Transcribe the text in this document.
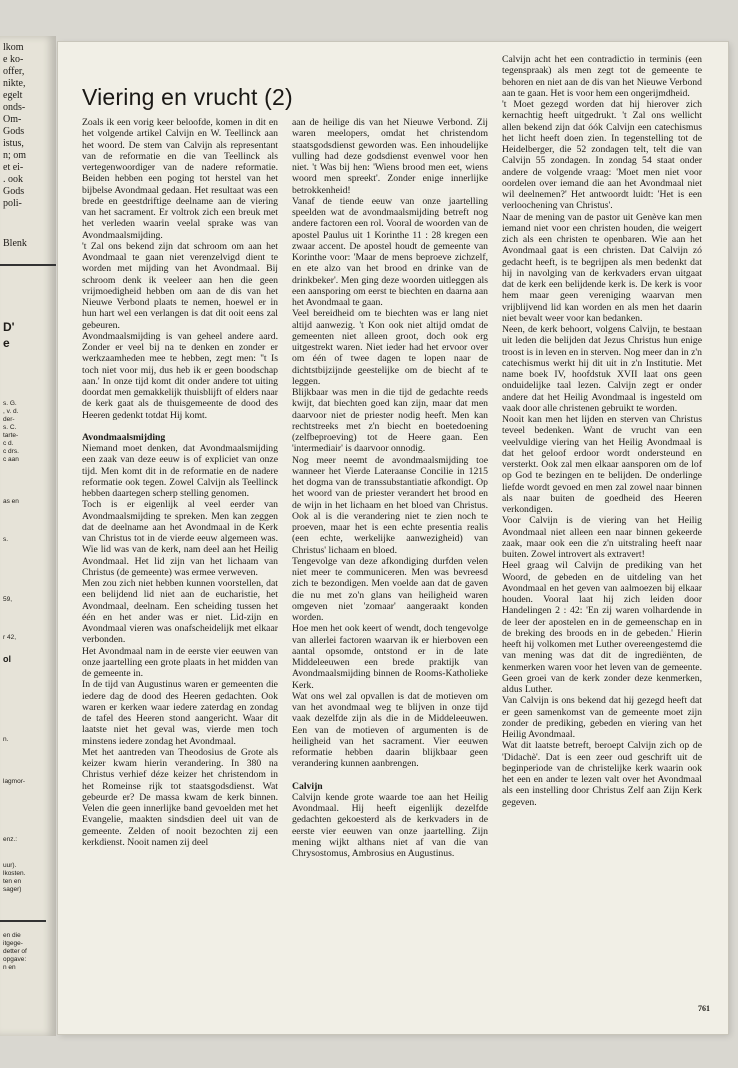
lkom
e ko-
offer,
nikte,
egelt
onds-
Om-
Gods
istus,
n; om
et ei-
. ook
Gods
poli-
Blenk
D'
e
s. G.
, v. d.
der-
s. C.
tarte-
c d.
c drs.
c aan
as en
s.
59,
r 42,
ol
n.
lagmor-
enz.:
uur).
lkosten.
ten en
sager)
en die
itgege-
detter of
opgave:
n en
Viering en vrucht (2)

Zoals ik een vorig keer beloofde, komen in dit en het volgende artikel Calvijn en W. Teellinck aan het woord. De stem van Calvijn als representant van de reformatie en die van Teellinck als vertegenwoordiger van de nadere reformatie. Beiden hebben een poging tot herstel van het bijbelse Avondmaal gedaan. Het resultaat was een brede en geestdriftige deelname aan de viering van het sacrament. Er voltrok zich een breuk met het verleden waarin veelal sprake was van Avondmaalsmijding.

't Zal ons bekend zijn dat schroom om aan het Avondmaal te gaan niet verenzelvigd dient te worden met mijding van het Avondmaal. Bij schroom denk ik veeleer aan hen die geen vrijmoedigheid hebben om aan de dis van het Nieuwe Verbond plaats te nemen, hoewel er in hun hart wel een verlangen is dat dit ooit eens zal gebeuren.

Avondmaalsmijding is van geheel andere aard. Zonder er veel bij na te denken en zonder er werkzaamheden mee te hebben, zegt men: ''t Is toch niet voor mij, dus heb ik er geen boodschap aan.' In onze tijd komt dit onder andere tot uiting doordat men gemakkelijk thuisblijft of elders naar de kerk gaat als de thuisgemeente de dood des Heeren gedenkt totdat Hij komt.

Avondmaalsmijding

Niemand moet denken, dat Avondmaalsmijding een zaak van deze eeuw is of expliciet van onze tijd. Men komt dit in de reformatie en de nadere reformatie ook tegen. Zowel Calvijn als Teellinck hebben daartegen scherp stelling genomen.

Toch is er eigenlijk al veel eerder van Avondmaalsmijding te spreken. Men kan zeggen dat de deelname aan het Avondmaal in de Kerk van Christus tot in de vierde eeuw algemeen was. Wie lid was van de kerk, nam deel aan het Heilig Avondmaal. Het lid zijn van het lichaam van Christus (de gemeente) was ermee verweven.

Men zou zich niet hebben kunnen voorstellen, dat een belijdend lid niet aan de eucharistie, het Avondmaal, deelnam. Een scheiding tussen het één en het ander was er niet. Lid-zijn en Avondmaal vieren was onafscheidelijk met elkaar verbonden.

Het Avondmaal nam in de eerste vier eeuwen van onze jaartelling een grote plaats in het midden van de gemeente in.

In de tijd van Augustinus waren er gemeenten die iedere dag de dood des Heeren gedachten. Ook waren er kerken waar iedere zaterdag en zondag de tafel des Heeren stond aangericht. Waar dit laatste niet het geval was, vierde men toch minstens iedere zondag het Avondmaal.

Met het aantreden van Theodosius de Grote als keizer kwam hierin verandering. In 380 na Christus verhief déze keizer het christendom in het Romeinse rijk tot staatsgodsdienst. Wat gebeurde er? De massa kwam de kerk binnen. Velen die geen innerlijke band gevoelden met het Evangelie, maakten sindsdien deel uit van de gemeente. Zelden of nooit bezochten zij een kerkdienst. Nooit namen zij deel

aan de heilige dis van het Nieuwe Verbond. Zij waren meelopers, omdat het christendom staatsgodsdienst geworden was. Een inhoudelijke vulling had deze godsdienst evenwel voor hen niet. 't Was bij hen: 'Wiens brood men eet, wiens woord men spreekt'. Zonder enige innerlijke betrokkenheid!

Vanaf de tiende eeuw van onze jaartelling speelden wat de avondmaalsmijding betreft nog andere factoren een rol. Vooral de woorden van de apostel Paulus uit 1 Korinthe 11 : 28 kregen een zwaar accent. De apostel houdt de gemeente van Korinthe voor: 'Maar de mens beproeve zichzelf, en ete alzo van het brood en drinke van de drinkbeker'. Men ging deze woorden uitleggen als een aansporing om eerst te biechten en daarna aan het Avondmaal te gaan.

Veel bereidheid om te biechten was er lang niet altijd aanwezig. 't Kon ook niet altijd omdat de gemeenten niet alleen groot, doch ook erg uitgestrekt waren. Niet ieder had het ervoor over om één of twee dagen te lopen naar de dichtstbijzijnde geestelijke om de biecht af te leggen.

Blijkbaar was men in die tijd de gedachte reeds kwijt, dat biechten goed kan zijn, maar dat men daarvoor niet de priester nodig heeft. Men kan rechtstreeks met z'n biecht en boetedoening (zelfbeproeving) tot de Heere gaan. Een 'intermediair' is daarvoor onnodig.

Nog meer neemt de avondmaalsmijding toe wanneer het Vierde Lateraanse Concilie in 1215 het dogma van de transsubstantiatie afkondigt. Op het woord van de priester verandert het brood en de wijn in het lichaam en het bloed van Christus. Ook al is die verandering niet te zien noch te proeven, maar het is een echte presentia realis (een echte, werkelijke aanwezigheid) van Christus' lichaam en bloed.

Tengevolge van deze afkondiging durfden velen niet meer te communiceren. Men was bevreesd zich te bezondigen. Men voelde aan dat de gaven die nu met zo'n glans van heiligheid waren omgeven niet 'zomaar' aangeraakt konden worden.

Hoe men het ook keert of wendt, doch tengevolge van allerlei factoren waarvan ik er hierboven een aantal opsomde, ontstond er in de late Middeleeuwen een brede praktijk van Avondmaalsmijding binnen de Rooms-Katholieke Kerk.

Wat ons wel zal opvallen is dat de motieven om van het avondmaal weg te blijven in onze tijd vaak dezelfde zijn als die in de Middeleeuwen. Een van de motieven of argumenten is de heiligheid van het sacrament. Vier eeuwen reformatie hebben daarin blijkbaar geen verandering kunnen aanbrengen.

Calvijn

Calvijn kende grote waarde toe aan het Heilig Avondmaal. Hij heeft eigenlijk dezelfde gedachten gekoesterd als de kerkvaders in de eerste vier eeuwen van onze jaartelling. Zijn mening wijkt althans niet af van die van Chrysostomus, Ambrosius en Augustinus.

Calvijn acht het een contradictio in terminis (een tegenspraak) als men zegt tot de gemeente te behoren en niet aan de dis van het Nieuwe Verbond aan te gaan. Het is voor hem een ongerijmdheid.

't Moet gezegd worden dat hij hierover zich kernachtig heeft uitgedrukt. 't Zal ons wellicht allen bekend zijn dat óók Calvijn een catechismus het licht heeft doen zien. In tegenstelling tot de Heidelberger, die 52 zondagen telt, telt die van Calvijn 55 zondagen. In zondag 54 staat onder andere de volgende vraag: 'Moet men niet voor oordelen over iemand die aan het Avondmaal niet wil deelnemen?' Het antwoordt luidt: 'Het is een verloochening van Christus'.

Naar de mening van de pastor uit Genève kan men iemand niet voor een christen houden, die weigert zich als een christen te openbaren. Wie aan het Avondmaal gaat is een christen. Dat Calvijn zó gedacht heeft, is te begrijpen als men bedenkt dat hij in navolging van de kerkvaders ervan uitgaat dat de kerk een belijdende kerk is. De kerk is voor hem maar geen vereniging waarvan men vrijblijvend lid kan worden en als men het daarin niet bevalt weer voor kan bedanken.

Neen, de kerk behoort, volgens Calvijn, te bestaan uit leden die belijden dat Jezus Christus hun enige troost is in leven en in sterven. Nog meer dan in z'n catechismus werkt hij dit uit in z'n Institutie. Met name boek IV, hoofdstuk XVII laat ons geen onduidelijke taal lezen. Calvijn zegt er onder andere dat het Heilig Avondmaal is ingesteld om vaak door alle christenen gebruikt te worden.

Nooit kan men het lijden en sterven van Christus teveel bedenken. Want de vrucht van een veelvuldige viering van het Heilig Avondmaal is dat het geloof erdoor wordt ondersteund en versterkt. Ook zal men elkaar aansporen om de lof op God te bezingen en te belijden. De onderlinge liefde wordt gevoed en men zal zowel naar binnen als naar buiten de goedheid des Heeren verkondigen.

Voor Calvijn is de viering van het Heilig Avondmaal niet alleen een naar binnen gekeerde zaak, maar ook een die z'n uitstraling heeft naar buiten. Zowel introvert als extravert!

Heel graag wil Calvijn de prediking van het Woord, de gebeden en de uitdeling van het Avondmaal en het geven van aalmoezen bij elkaar houden. Vooral laat hij zich leiden door Handelingen 2 : 42: 'En zij waren volhardende in de leer der apostelen en in de gemeenschap en in de breking des broods en in de gebeden.' Hierin heeft hij volkomen met Luther overeengestemd die van mening was dat dit de ingrediënten, de kenmerken waren voor het leven van de gemeente. Geen groei van de kerk zonder deze kenmerken, aldus Luther.

Van Calvijn is ons bekend dat hij gezegd heeft dat er geen samenkomst van de gemeente moet zijn zonder de prediking, gebeden en viering van het Heilig Avondmaal.

Wat dit laatste betreft, beroept Calvijn zich op de 'Didachè'. Dat is een zeer oud geschrift uit de beginperiode van de christelijke kerk waarin ook het een en ander te lezen valt over het Avondmaal als een instelling door Christus Zelf aan Zijn Kerk gegeven.

761
